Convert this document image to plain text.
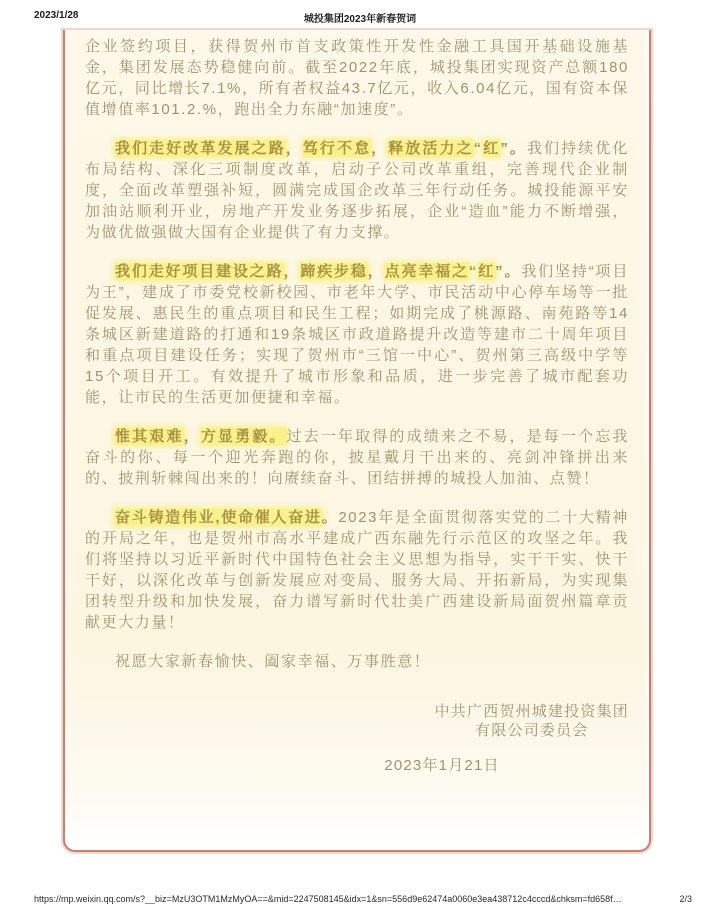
2023/1/28	城投集团2023年新春贺词

企业签约项目，获得贺州市首支政策性开发性金融工具国开基础设施基金，集团发展态势稳健向前。截至2022年底，城投集团实现资产总额180亿元，同比增长7.1%，所有者权益43.7亿元，收入6.04亿元，国有资本保值增值率101.2.%，跑出全力东融“加速度”。

我们走好改革发展之路，笃行不怠，释放活力之“红”。我们持续优化布局结构、深化三项制度改革，启动子公司改革重组，完善现代企业制度，全面改革塑强补短，圆满完成国企改革三年行动任务。城投能源平安加油站顺利开业，房地产开发业务逐步拓展，企业“造血”能力不断增强，为做优做强做大国有企业提供了有力支撑。

我们走好项目建设之路，蹄疾步稳，点亮幸福之“红”。我们坚持“项目为王”，建成了市委党校新校园、市老年大学、市民活动中心停车场等一批促发展、惠民生的重点项目和民生工程；如期完成了桃源路、南苑路等14条城区新建道路的打通和19条城区市政道路提升改造等建市二十周年项目和重点项目建设任务；实现了贺州市“三馆一中心”、贺州第三高级中学等15个项目开工。有效提升了城市形象和品质，进一步完善了城市配套功能，让市民的生活更加便捷和幸福。

惟其艰难，方显勇毅。过去一年取得的成绩来之不易，是每一个忘我奋斗的你、每一个迎光奔跑的你，披星戴月干出来的、亮剑冲锋拼出来的、披荆斩棘闯出来的！向赓续奋斗、团结拼搏的城投人加油、点赞！

奋斗铸造伟业,使命催人奋进。2023年是全面贯彻落实党的二十大精神的开局之年，也是贺州市高水平建成广西东融先行示范区的攻坚之年。我们将坚持以习近平新时代中国特色社会主义思想为指导，实干干实、快干干好，以深化改革与创新发展应对变局、服务大局、开拓新局，为实现集团转型升级和加快发展，奋力谱写新时代壮美广西建设新局面贺州篇章贡献更大力量！

祝愿大家新春愉快、阖家幸福、万事胜意！

中共广西贺州城建投资集团
有限公司委员会
2023年1月21日
https://mp.weixin.qq.com/s?__biz=MzU3OTM1MzMyOA==&mid=2247508145&idx=1&sn=556d9e62474a0060e3ea438712c4cccd&chksm=fd658f…	2/3
